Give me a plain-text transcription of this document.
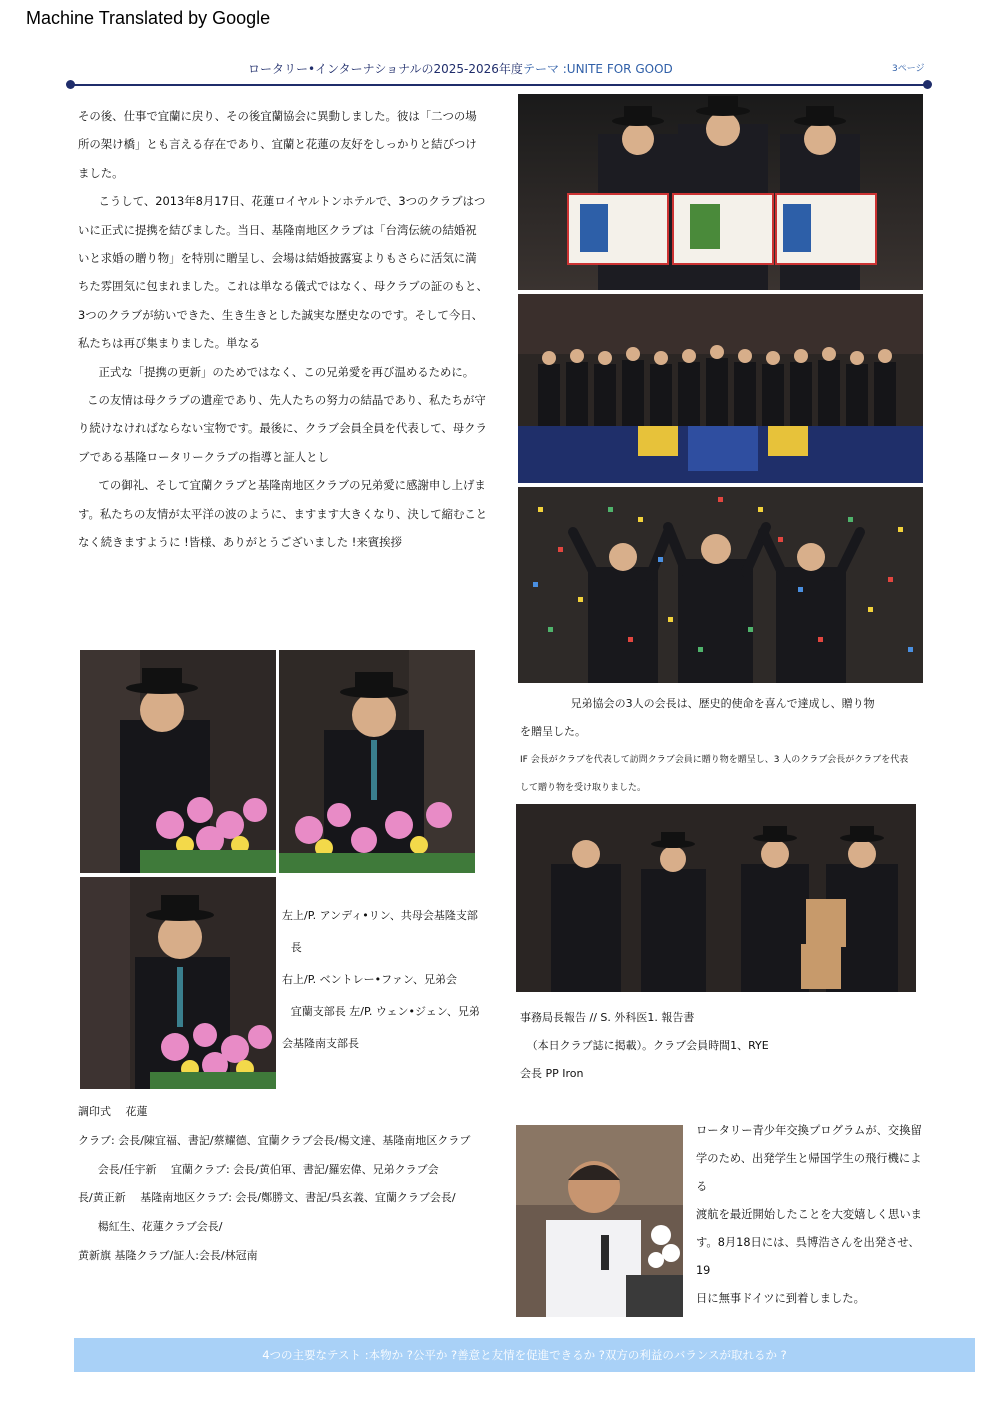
Machine Translated by Google
ロータリー•インターナショナルの2025-2026年度テーマ :UNITE FOR GOOD	3ページ

その後、仕事で宜蘭に戻り、その後宜蘭協会に異動しました。彼は「二つの場所の架け橋」とも言える存在であり、宜蘭と花蓮の友好をしっかりと結びつけました。

こうして、2013年8月17日、花蓮ロイヤルトンホテルで、3つのクラブはついに正式に提携を結びました。当日、基隆南地区クラブは「台湾伝統の結婚祝いと求婚の贈り物」を特別に贈呈し、会場は結婚披露宴よりもさらに活気に満ちた雰囲気に包まれました。これは単なる儀式ではなく、母クラブの証のもと、3つのクラブが紡いできた、生き生きとした誠実な歴史なのです。そして今日、私たちは再び集まりました。単なる

正式な「提携の更新」のためではなく、この兄弟愛を再び温めるために。

この友情は母クラブの遺産であり、先人たちの努力の結晶であり、私たちが守り続けなければならない宝物です。最後に、クラブ会員全員を代表して、母クラブである基隆ロータリークラブの指導と証人とし

ての御礼、そして宜蘭クラブと基隆南地区クラブの兄弟愛に感謝申し上げます。私たちの友情が太平洋の波のように、ますます大きくなり、決して縮むことなく続きますように !皆様、ありがとうございました !来賓挨拶

兄弟協会の3人の会長は、歴史的使命を喜んで達成し、贈り物
を贈呈した。
IF 会長がクラブを代表して訪問クラブ会員に贈り物を贈呈し、3 人のクラブ会長がクラブを代表
して贈り物を受け取りました。
事務局長報告 // S. 外科医1. 報告書
（本日クラブ誌に掲載）。クラブ会員時間1、RYE
会長 PP Iron
左上/P. アンディ•リン、共母会基隆支部
長
右上/P. ベントレー•ファン、兄弟会
宜蘭支部長 左/P. ウェン•ジェン、兄弟
会基隆南支部長
調印式　 花蓮
クラブ: 会長/陳宜福、書記/蔡耀德、宜蘭クラブ会長/楊文達、基隆南地区クラブ
会長/任宇新　 宜蘭クラブ: 会長/黄伯軍、書記/羅宏偉、兄弟クラブ会
長/黄正新　 基隆南地区クラブ: 会長/鄭勝文、書記/呉玄義、宜蘭クラブ会長/
楊紅生、花蓮クラブ会長/
黄新旗 基隆クラブ/証人:会長/林冠南
ロータリー青少年交換プログラムが、交換留
学のため、出発学生と帰国学生の飛行機による
渡航を最近開始したことを大変嬉しく思いま
す。8月18日には、呉博浩さんを出発させ、19
日に無事ドイツに到着しました。
4つの主要なテスト :本物か ?公平か ?善意と友情を促進できるか ?双方の利益のバランスが取れるか ?
